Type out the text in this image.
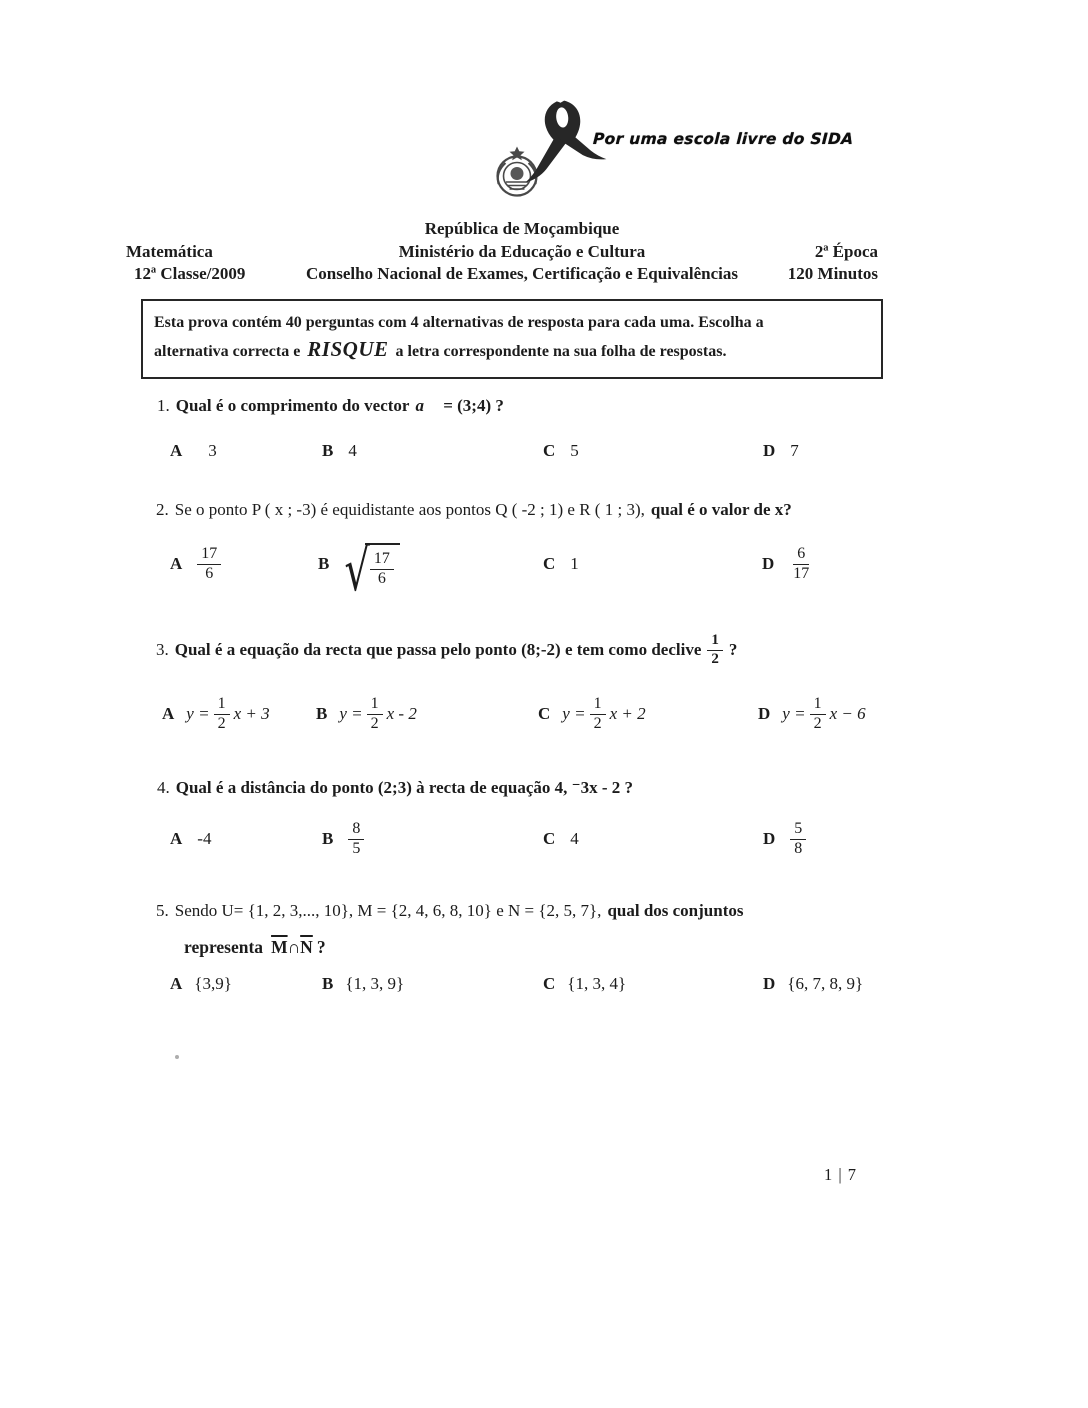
Por uma escola livre do SIDA
República de Moçambique
Ministério da Educação e Cultura
Conselho Nacional de Exames, Certificação e Equivalências
Matemática
12ª Classe/2009
2ª Época
120 Minutos
Esta prova contém 40 perguntas com 4 alternativas de resposta para cada uma. Escolha a
alternativa correcta e RISQUE a letra correspondente na sua folha de respostas.
1. Qual é o comprimento do vector a⃗ = (3;4) ?
A 3	B 4	C 5	D 7
2. Se o ponto P ( x ; -3) é equidistante aos pontos Q ( -2 ; 1) e R ( 1 ; 3), qual é o valor de x?
A $\frac{17}{6}$	B √ $\frac{17}{6}$	C 1	D $\frac{6}{17}$
3. Qual é a equação da recta que passa pelo ponto (8;-2) e tem como declive $\frac{1}{2}$ ?
A $y = \frac{1}{2}$ x + 3	B $y = \frac{1}{2}$ x - 2	C $y = \frac{1}{2}$ x + 2	D $y = \frac{1}{2}$ x − 6
4. Qual é a distância do ponto (2;3) à recta de equação 4, ⁻3x - 2 ?
A -4	B $\frac{8}{5}$	C 4	D $\frac{5}{8}$
5. Sendo U= {1, 2, 3,..., 10}, M = {2, 4, 6, 8, 10} e N = {2, 5, 7}, qual dos conjuntos
representa $\overline{M}$ ∩ $\overline{N}$ ?
A {3,9}	B {1, 3, 9}	C {1, 3, 4}	D {6, 7, 8, 9}
1 | 7
